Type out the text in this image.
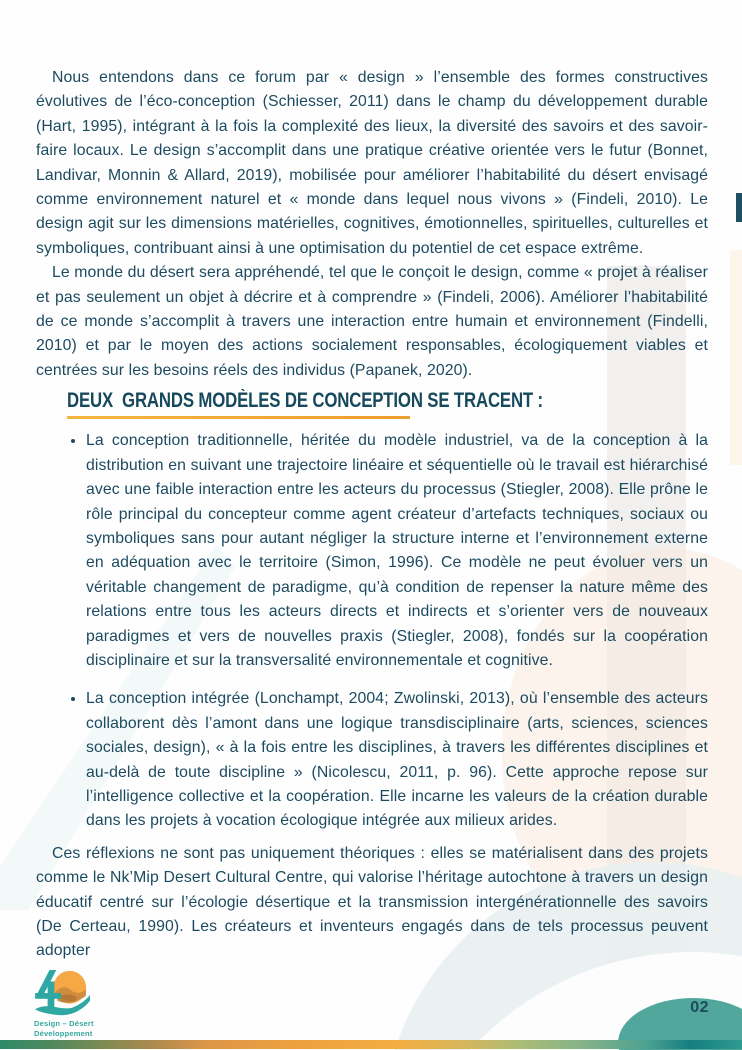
Nous entendons dans ce forum par « design » l’ensemble des formes constructives évolutives de l’éco-conception (Schiesser, 2011) dans le champ du développement durable (Hart, 1995), intégrant à la fois la complexité des lieux, la diversité des savoirs et des savoir-faire locaux. Le design s’accomplit dans une pratique créative orientée vers le futur (Bonnet, Landivar, Monnin & Allard, 2019), mobilisée pour améliorer l’habitabilité du désert envisagé comme environnement naturel et « monde dans lequel nous vivons » (Findeli, 2010). Le design agit sur les dimensions matérielles, cognitives, émotionnelles, spirituelles, culturelles et symboliques, contribuant ainsi à une optimisation du potentiel de cet espace extrême.

Le monde du désert sera appréhendé, tel que le conçoit le design, comme « projet à réaliser et pas seulement un objet à décrire et à comprendre » (Findeli, 2006). Améliorer l’habitabilité de ce monde s’accomplit à travers une interaction entre humain et environnement (Findelli, 2010) et par le moyen des actions socialement responsables, écologiquement viables et centrées sur les besoins réels des individus (Papanek, 2020).

DEUX  GRANDS MODÈLES DE CONCEPTION SE TRACENT :
• La conception traditionnelle, héritée du modèle industriel, va de la conception à la distribution en suivant une trajectoire linéaire et séquentielle où le travail est hiérarchisé avec une faible interaction entre les acteurs du processus (Stiegler, 2008). Elle prône le rôle principal du concepteur comme agent créateur d’artefacts techniques, sociaux ou symboliques sans pour autant négliger la structure interne et l’environnement externe en adéquation avec le territoire (Simon, 1996). Ce modèle ne peut évoluer vers un véritable changement de paradigme, qu’à condition de repenser la nature même des relations entre tous les acteurs directs et indirects et s’orienter vers de nouveaux paradigmes et vers de nouvelles praxis (Stiegler, 2008), fondés sur la coopération disciplinaire et sur la transversalité environnementale et cognitive.
• La conception intégrée (Lonchampt, 2004; Zwolinski, 2013), où l’ensemble des acteurs collaborent dès l’amont dans une logique transdisciplinaire (arts, sciences, sciences sociales, design), « à la fois entre les disciplines, à travers les différentes disciplines et au-delà de toute discipline » (Nicolescu, 2011, p. 96). Cette approche repose sur l’intelligence collective et la coopération. Elle incarne les valeurs de la création durable dans les projets à vocation écologique intégrée aux milieux arides.

Ces réflexions ne sont pas uniquement théoriques : elles se matérialisent dans des projets comme le Nk’Mip Desert Cultural Centre, qui valorise l’héritage autochtone à travers un design éducatif centré sur l’écologie désertique et la transmission intergénérationnelle des savoirs (De Certeau, 1990). Les créateurs et inventeurs engagés dans de tels processus peuvent adopter

Design – Désert
Développement
02
